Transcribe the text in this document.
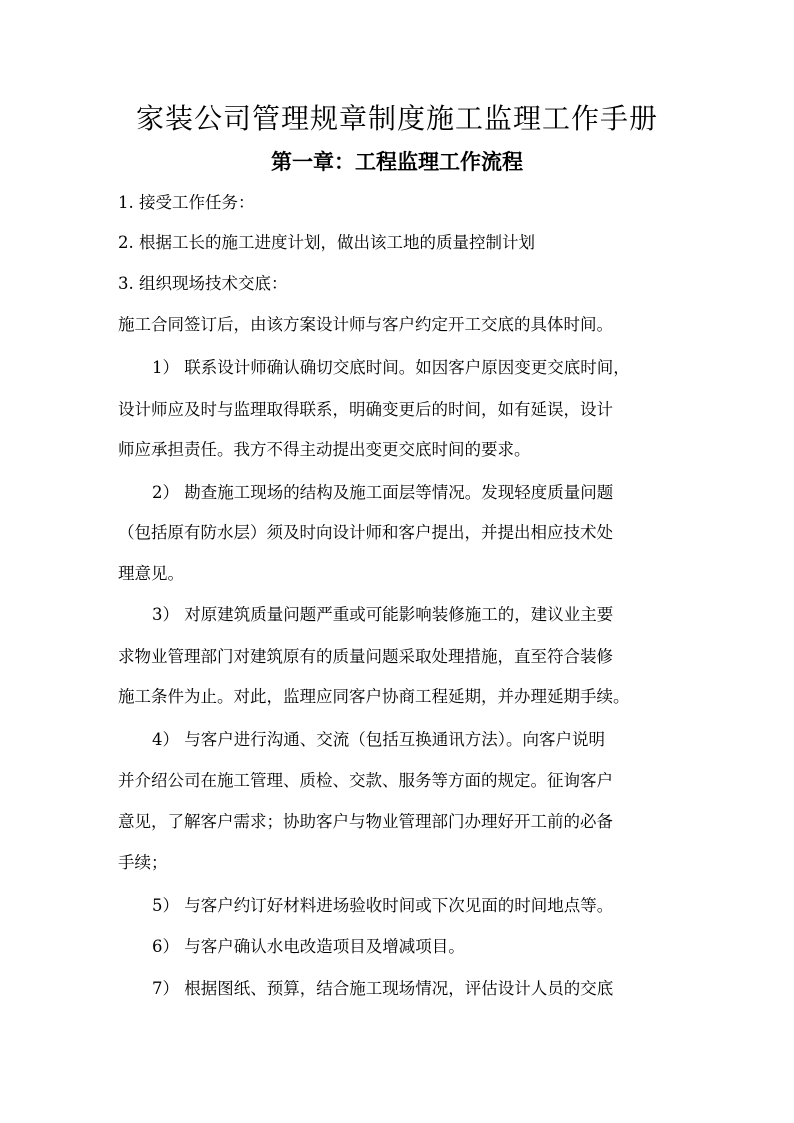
家装公司管理规章制度施工监理工作手册
第一章：工程监理工作流程

1. 接受工作任务：

2. 根据工长的施工进度计划，做出该工地的质量控制计划

3. 组织现场技术交底：

施工合同签订后，由该方案设计师与客户约定开工交底的具体时间。

1） 联系设计师确认确切交底时间。如因客户原因变更交底时间，

设计师应及时与监理取得联系，明确变更后的时间，如有延误，设计

师应承担责任。我方不得主动提出变更交底时间的要求。

2） 勘查施工现场的结构及施工面层等情况。发现轻度质量问题

（包括原有防水层）须及时向设计师和客户提出，并提出相应技术处

理意见。

3） 对原建筑质量问题严重或可能影响装修施工的，建议业主要

求物业管理部门对建筑原有的质量问题采取处理措施，直至符合装修

施工条件为止。对此，监理应同客户协商工程延期，并办理延期手续。

4） 与客户进行沟通、交流（包括互换通讯方法）。向客户说明

并介绍公司在施工管理、质检、交款、服务等方面的规定。征询客户

意见，了解客户需求；协助客户与物业管理部门办理好开工前的必备

手续；

5） 与客户约订好材料进场验收时间或下次见面的时间地点等。

6） 与客户确认水电改造项目及增减项目。

7） 根据图纸、预算，结合施工现场情况，评估设计人员的交底
